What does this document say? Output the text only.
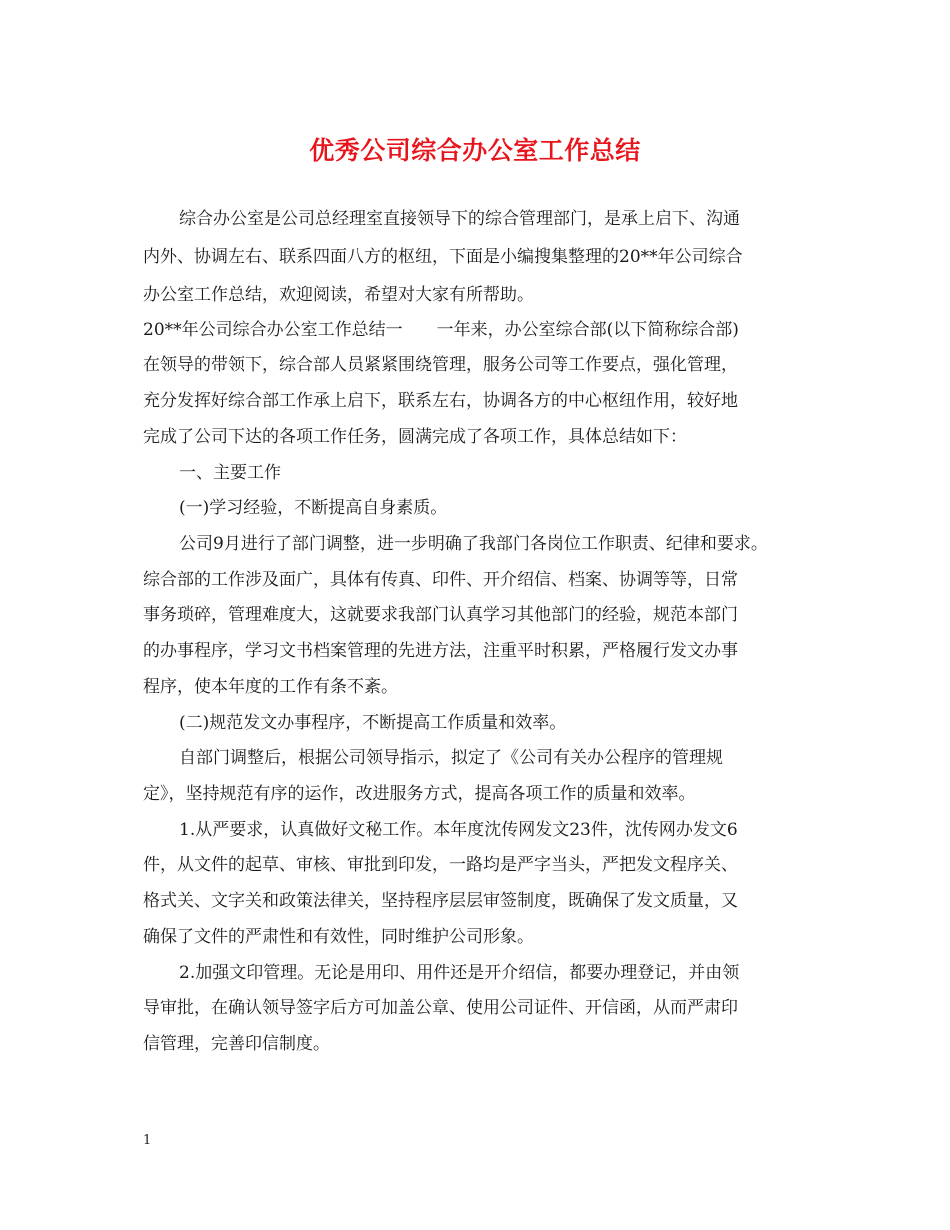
优秀公司综合办公室工作总结
综合办公室是公司总经理室直接领导下的综合管理部门，是承上启下、沟通
内外、协调左右、联系四面八方的枢纽，下面是小编搜集整理的20**年公司综合
办公室工作总结，欢迎阅读，希望对大家有所帮助。
20**年公司综合办公室工作总结一　　一年来，办公室综合部(以下简称综合部)
在领导的带领下，综合部人员紧紧围绕管理，服务公司等工作要点，强化管理，
充分发挥好综合部工作承上启下，联系左右，协调各方的中心枢纽作用，较好地
完成了公司下达的各项工作任务，圆满完成了各项工作，具体总结如下：
一、主要工作
(一)学习经验，不断提高自身素质。
公司9月进行了部门调整，进一步明确了我部门各岗位工作职责、纪律和要求。
综合部的工作涉及面广，具体有传真、印件、开介绍信、档案、协调等等，日常
事务琐碎，管理难度大，这就要求我部门认真学习其他部门的经验，规范本部门
的办事程序，学习文书档案管理的先进方法，注重平时积累，严格履行发文办事
程序，使本年度的工作有条不紊。
(二)规范发文办事程序，不断提高工作质量和效率。
自部门调整后，根据公司领导指示，拟定了《公司有关办公程序的管理规
定》，坚持规范有序的运作，改进服务方式，提高各项工作的质量和效率。
1.从严要求，认真做好文秘工作。本年度沈传网发文23件，沈传网办发文6
件，从文件的起草、审核、审批到印发，一路均是严字当头，严把发文程序关、
格式关、文字关和政策法律关，坚持程序层层审签制度，既确保了发文质量，又
确保了文件的严肃性和有效性，同时维护公司形象。
2.加强文印管理。无论是用印、用件还是开介绍信，都要办理登记，并由领
导审批，在确认领导签字后方可加盖公章、使用公司证件、开信函，从而严肃印
信管理，完善印信制度。
1
